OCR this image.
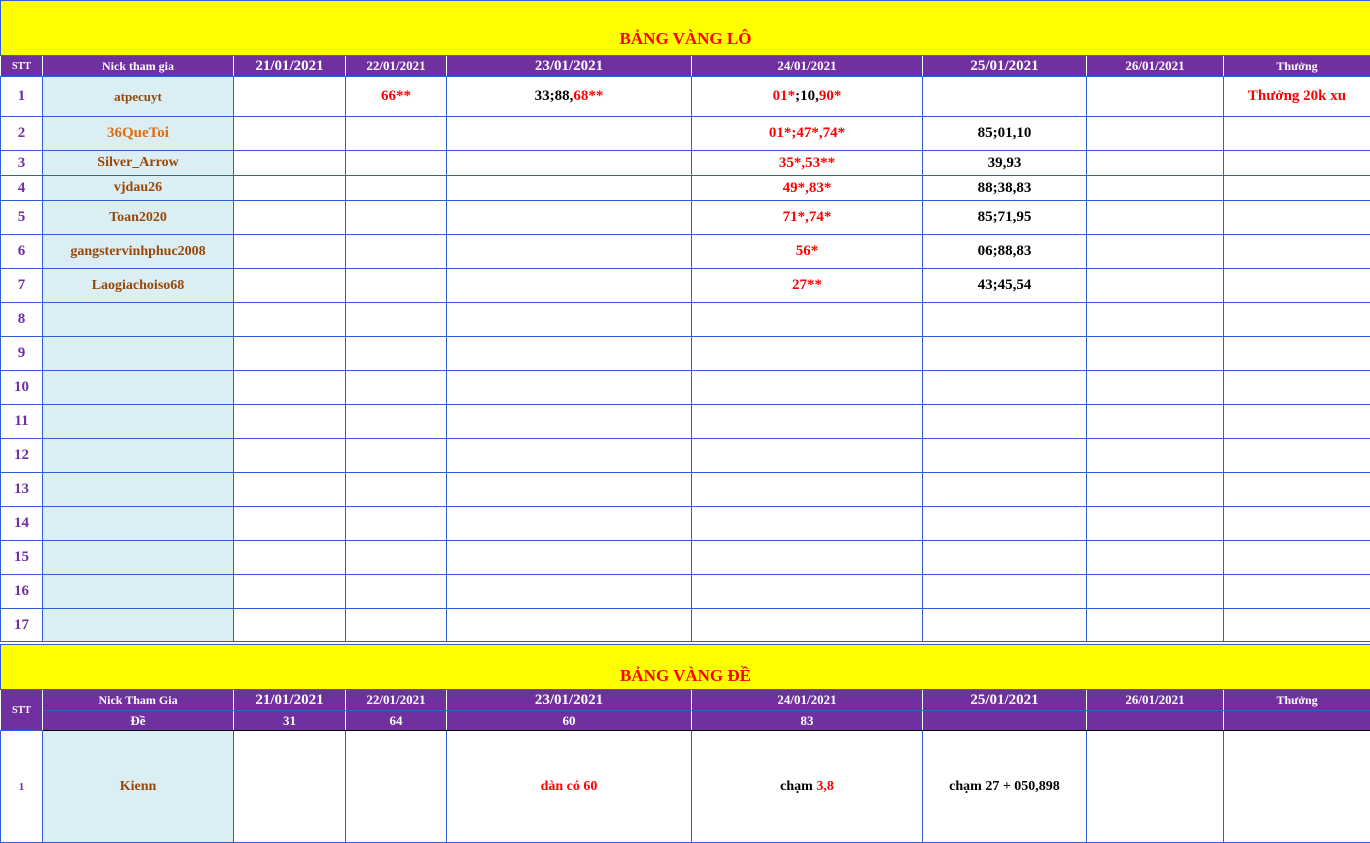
BẢNG VÀNG LÔ								
STT	Nick tham gia	21/01/2021	22/01/2021	23/01/2021	24/01/2021	25/01/2021	26/01/2021	Thưởng
1	atpecuyt		66**	33;88,68**	01*;10,90*			Thưởng 20k xu
2	36QueToi				01*;47*,74*	85;01,10		
3	Silver_Arrow				35*,53**	39,93		
4	vjdau26				49*,83*	88;38,83		
5	Toan2020				71*,74*	85;71,95		
6	gangstervinhphuc2008				56*	06;88,83		
7	Laogiachoiso68				27**	43;45,54		
8								
9								
10								
11								
12								
13								
14								
15								
16								
17								
BẢNG VÀNG ĐỀ								
STT	Nick Tham Gia	21/01/2021	22/01/2021	23/01/2021	24/01/2021	25/01/2021	26/01/2021	Thưởng
	Đề	31	64	60	83			
1	Kienn			dàn có 60	chạm 3,8	chạm 27 + 050,898		
